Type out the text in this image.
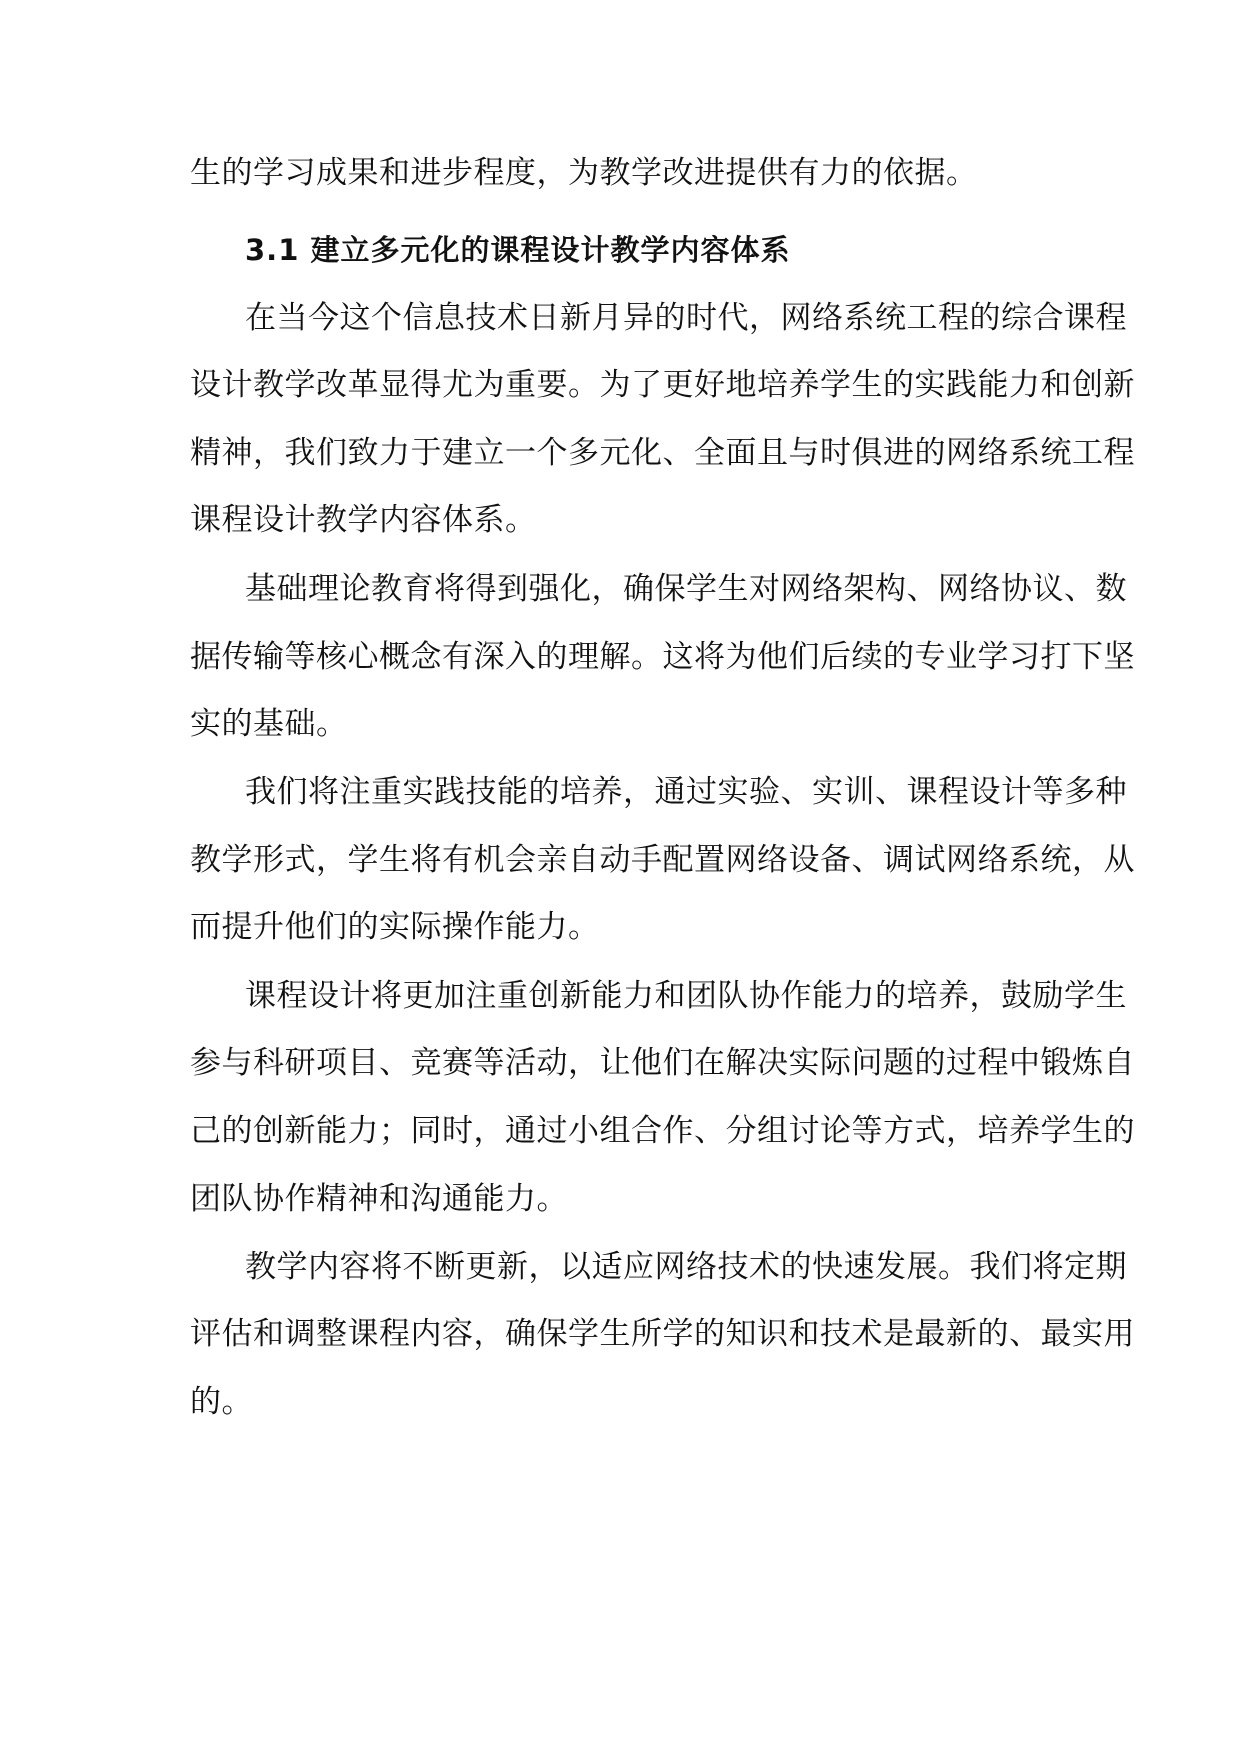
生的学习成果和进步程度，为教学改进提供有力的依据。
3.1 建立多元化的课程设计教学内容体系
在当今这个信息技术日新月异的时代，网络系统工程的综合课程
设计教学改革显得尤为重要。为了更好地培养学生的实践能力和创新
精神，我们致力于建立一个多元化、全面且与时俱进的网络系统工程
课程设计教学内容体系。
基础理论教育将得到强化，确保学生对网络架构、网络协议、数
据传输等核心概念有深入的理解。这将为他们后续的专业学习打下坚
实的基础。
我们将注重实践技能的培养，通过实验、实训、课程设计等多种
教学形式，学生将有机会亲自动手配置网络设备、调试网络系统，从
而提升他们的实际操作能力。
课程设计将更加注重创新能力和团队协作能力的培养，鼓励学生
参与科研项目、竞赛等活动，让他们在解决实际问题的过程中锻炼自
己的创新能力；同时，通过小组合作、分组讨论等方式，培养学生的
团队协作精神和沟通能力。
教学内容将不断更新，以适应网络技术的快速发展。我们将定期
评估和调整课程内容，确保学生所学的知识和技术是最新的、最实用
的。
